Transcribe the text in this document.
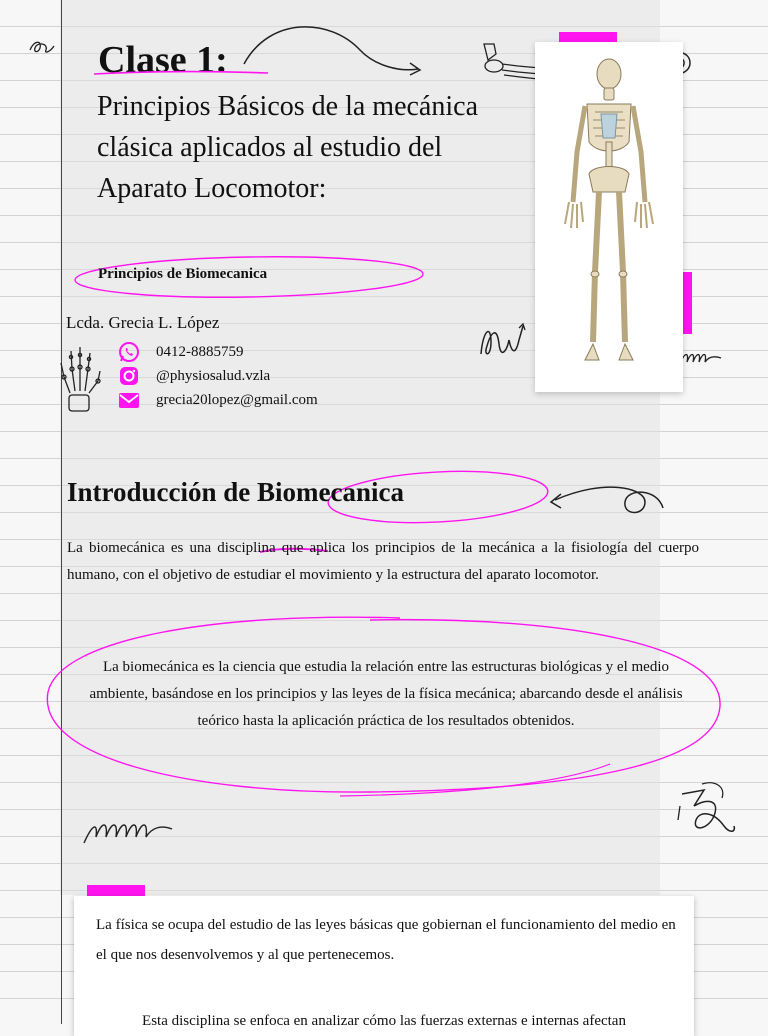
Clase 1:

Principios Básicos de la mecánica clásica aplicados al estudio del Aparato Locomotor:

Principios de Biomecanica
Lcda. Grecia L. López
0412-8885759
@physiosalud.vzla
grecia20lopez@gmail.com
Introducción de Biomecanica

La biomecánica es una disciplina que aplica los principios de la mecánica a la fisiología del cuerpo humano, con el objetivo de estudiar el movimiento y la estructura del aparato locomotor.

La biomecánica es la ciencia que estudia la relación entre las estructuras biológicas y el medio ambiente, basándose en los principios y las leyes de la física mecánica; abarcando desde el análisis teórico hasta la aplicación práctica de los resultados obtenidos.

La física se ocupa del estudio de las leyes básicas que gobiernan el funcionamiento del medio en el que nos desenvolvemos y al que pertenecemos.

Esta disciplina se enfoca en analizar cómo las fuerzas externas e internas afectan
